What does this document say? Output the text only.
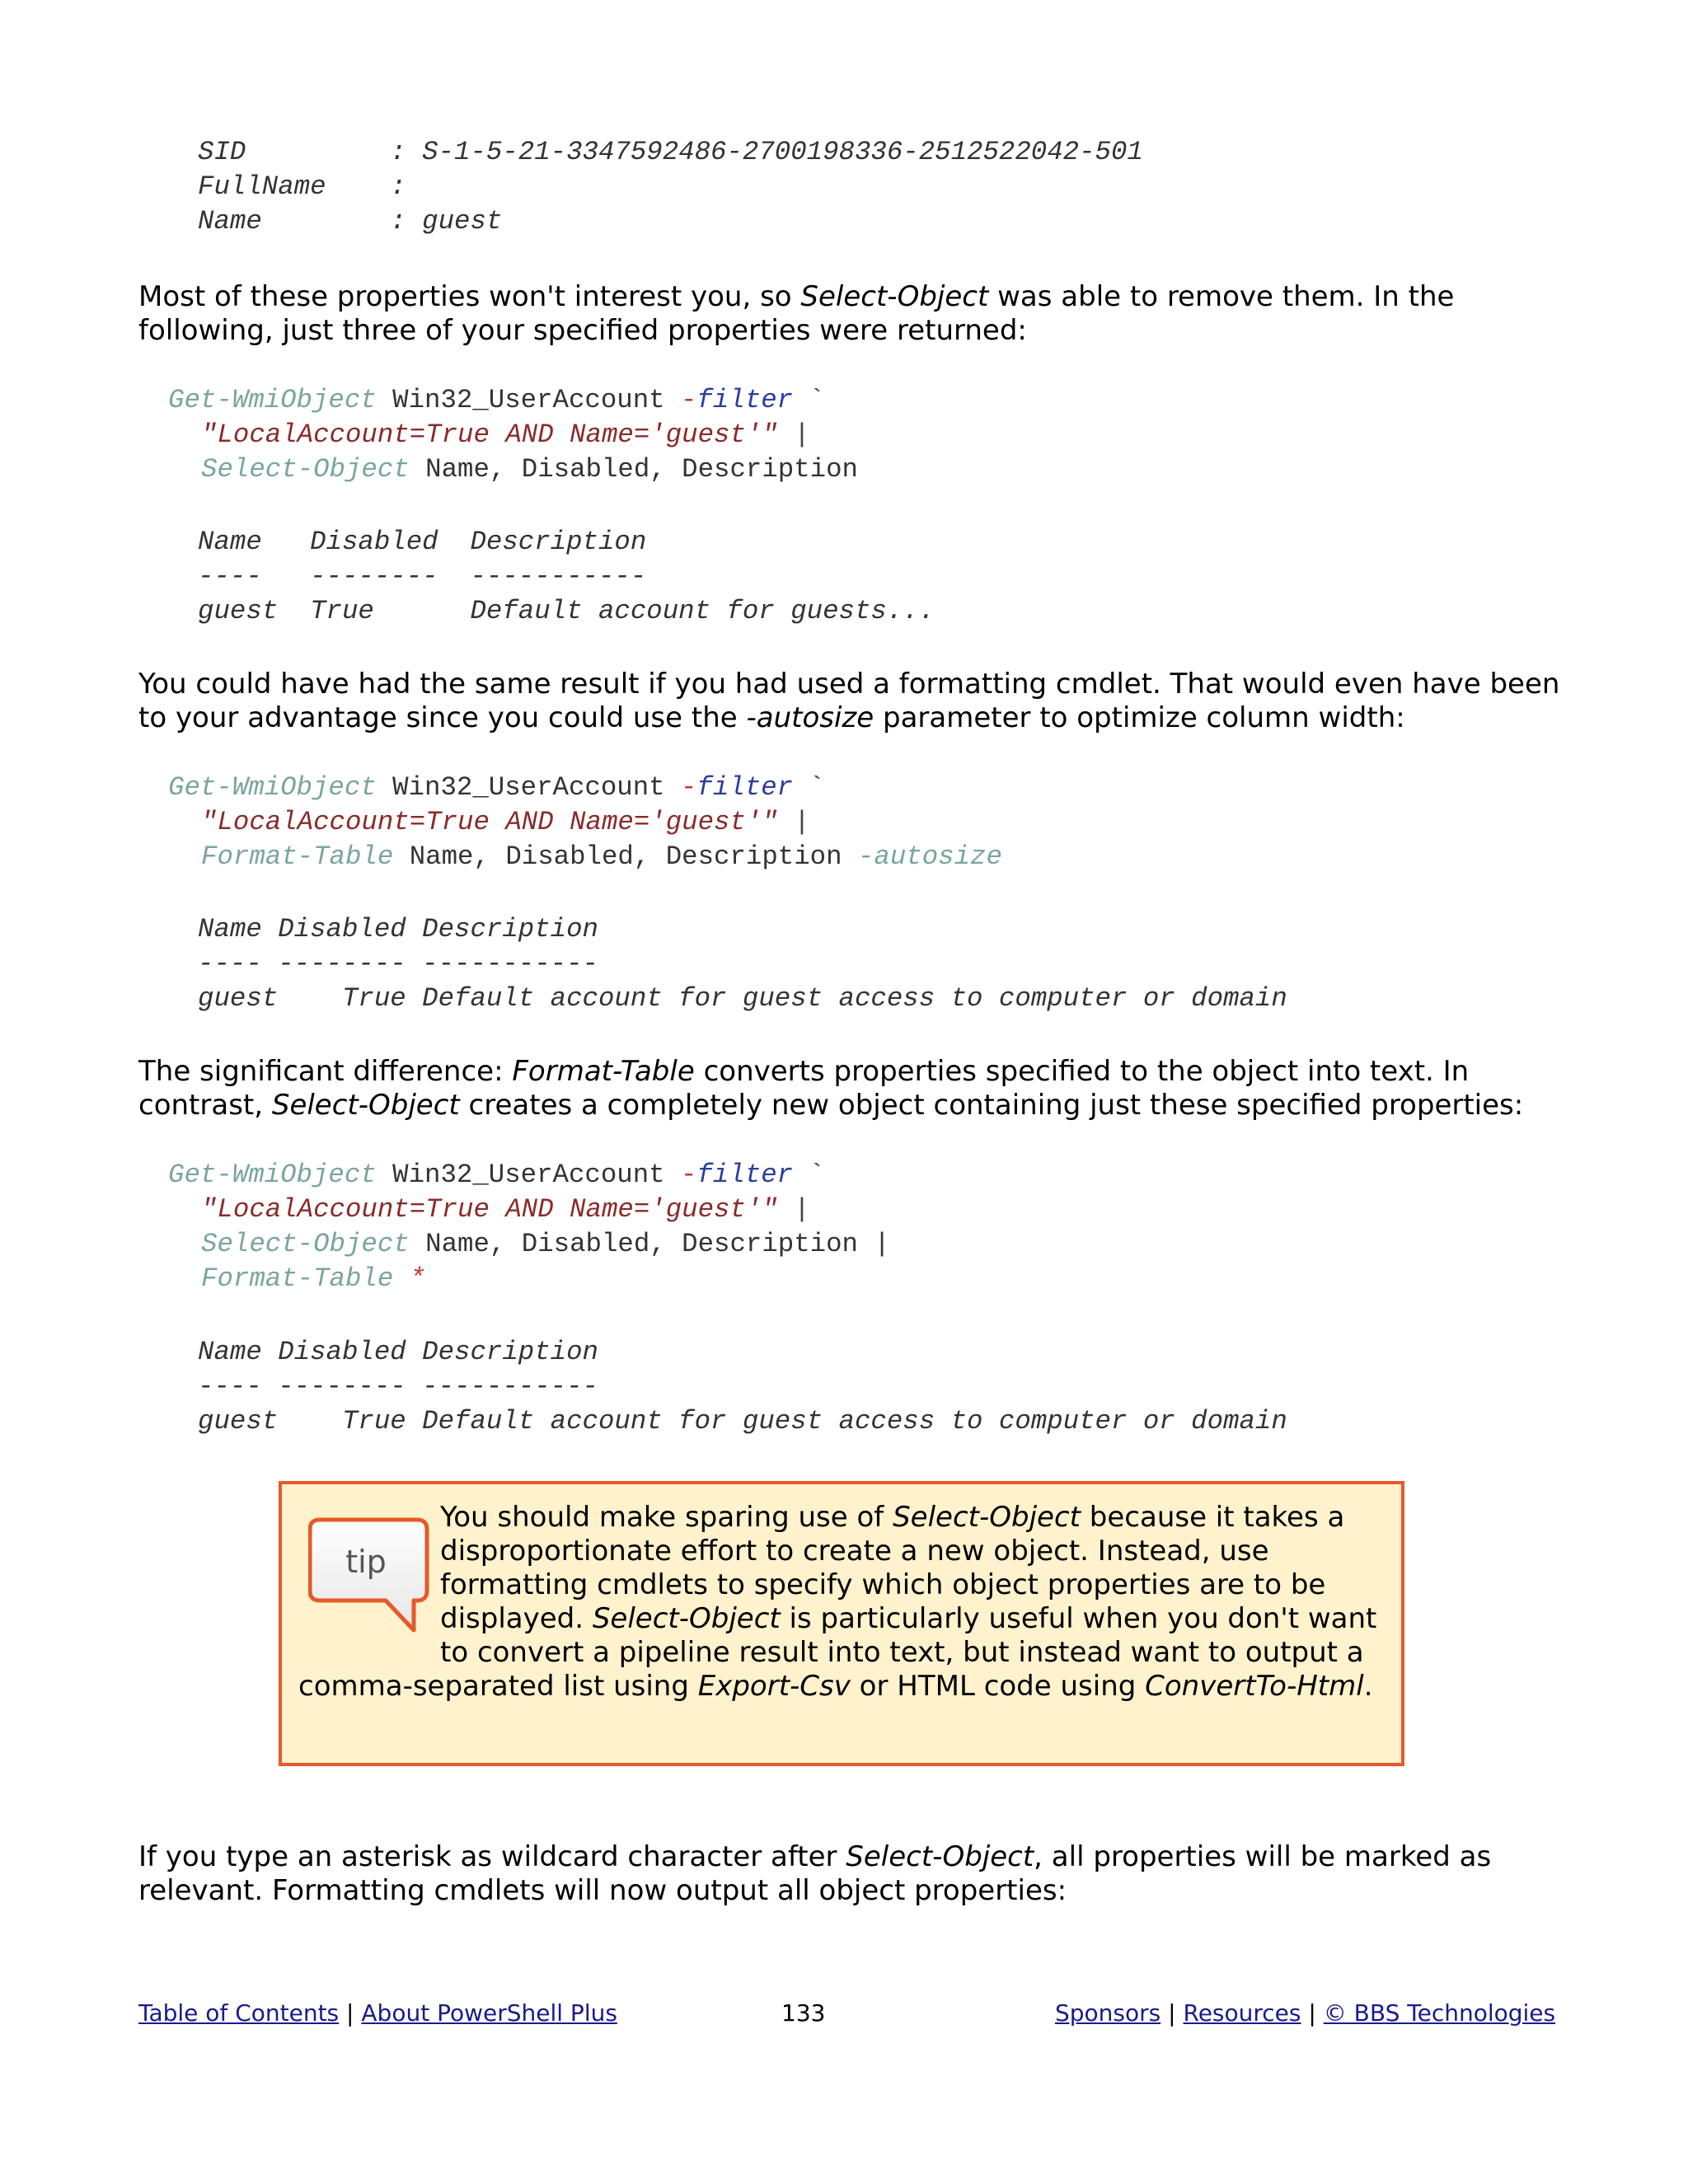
SID         : S-1-5-21-3347592486-2700198336-2512522042-501
FullName    :
Name        : guest
Most of these properties won't interest you, so Select-Object was able to remove them. In the
following, just three of your specified properties were returned:
Get-WmiObject Win32_UserAccount -filter `
"LocalAccount=True AND Name='guest'" |
Select-Object Name, Disabled, Description
Name   Disabled  Description
----   --------  -----------
guest  True      Default account for guests...
You could have had the same result if you had used a formatting cmdlet. That would even have been
to your advantage since you could use the -autosize parameter to optimize column width:
Get-WmiObject Win32_UserAccount -filter `
"LocalAccount=True AND Name='guest'" |
Format-Table Name, Disabled, Description -autosize
Name Disabled Description
---- -------- -----------
guest    True Default account for guest access to computer or domain
The significant difference: Format-Table converts properties specified to the object into text. In
contrast, Select-Object creates a completely new object containing just these specified properties:
Get-WmiObject Win32_UserAccount -filter `
"LocalAccount=True AND Name='guest'" |
Select-Object Name, Disabled, Description |
Format-Table *
Name Disabled Description
---- -------- -----------
guest    True Default account for guest access to computer or domain
tip
You should make sparing use of Select-Object because it takes a
disproportionate effort to create a new object. Instead, use
formatting cmdlets to specify which object properties are to be
displayed. Select-Object is particularly useful when you don't want
to convert a pipeline result into text, but instead want to output a
comma-separated list using Export-Csv or HTML code using ConvertTo-Html.
If you type an asterisk as wildcard character after Select-Object, all properties will be marked as
relevant. Formatting cmdlets will now output all object properties:
Table of Contents | About PowerShell Plus	133	Sponsors | Resources | © BBS Technologies
